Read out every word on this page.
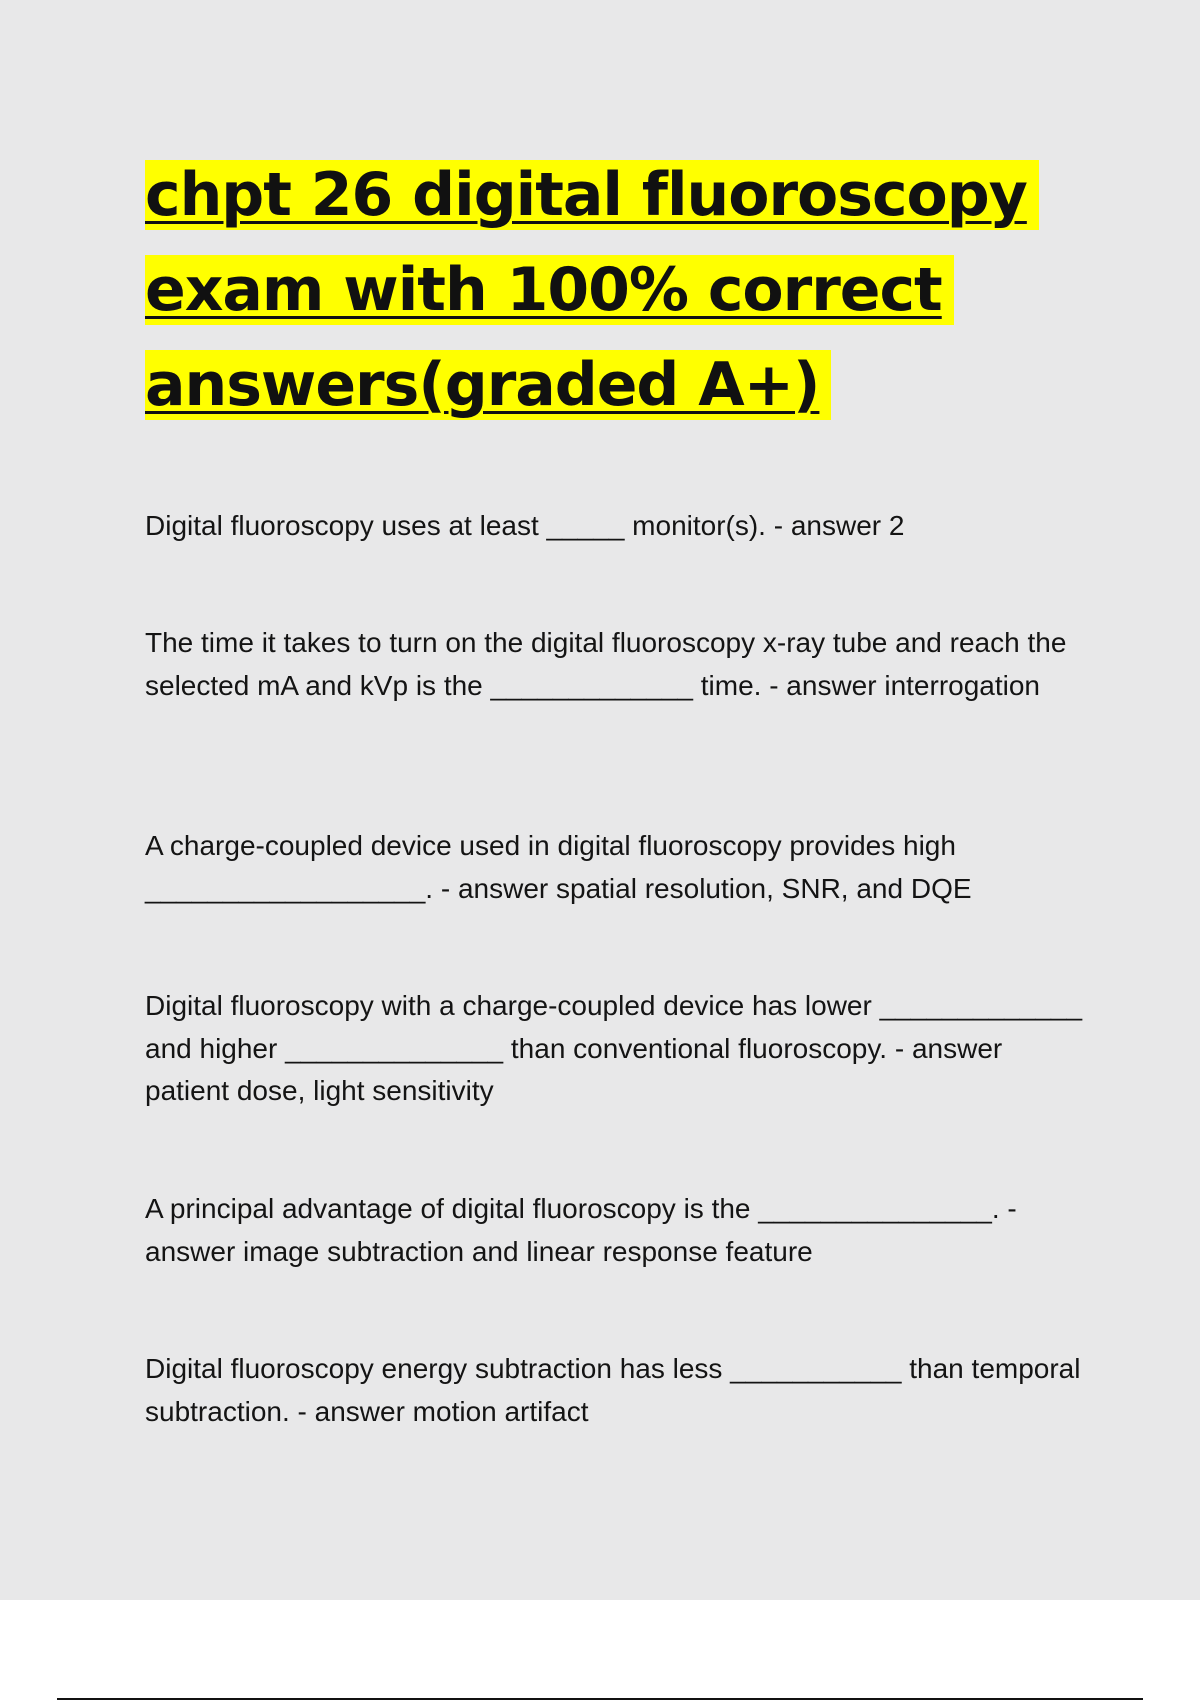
chpt 26 digital fluoroscopy
exam with 100% correct
answers(graded A+)

Digital fluoroscopy uses at least _____ monitor(s). - answer 2

The time it takes to turn on the digital fluoroscopy x-ray tube and reach the selected mA and kVp is the _____________ time. - answer interrogation

A charge-coupled device used in digital fluoroscopy provides high __________________. - answer spatial resolution, SNR, and DQE

Digital fluoroscopy with a charge-coupled device has lower _____________ and higher ______________ than conventional fluoroscopy. - answer patient dose, light sensitivity

A principal advantage of digital fluoroscopy is the _______________. - answer image subtraction and linear response feature

Digital fluoroscopy energy subtraction has less ___________ than temporal subtraction. - answer motion artifact
